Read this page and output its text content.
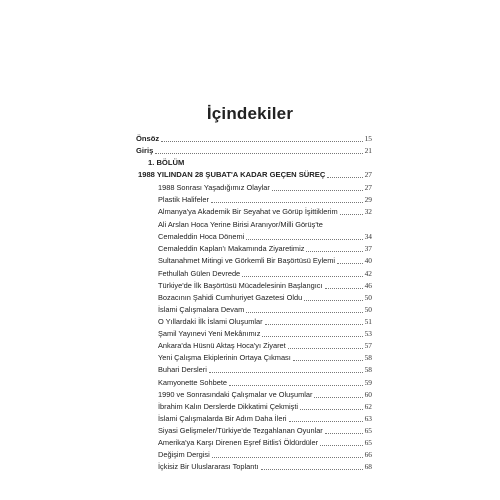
İçindekiler
Önsöz	15
Giriş	21
1. BÖLÜM
1988 YILINDAN 28 ŞUBAT'A KADAR GEÇEN SÜREÇ	27
1988 Sonrası Yaşadığımız Olaylar	27
Plastik Halifeler	29
Almanya'ya Akademik Bir Seyahat ve Görüp İşittiklerim	32
Ali Arslan Hoca Yerine Birisi Aranıyor/Milli Görüş'te
Cemaleddin Hoca Dönemi	34
Cemaleddin Kaplan'ı Makamında Ziyaretimiz	37
Sultanahmet Mitingi ve Görkemli Bir Başörtüsü Eylemi	40
Fethullah Gülen Devrede	42
Türkiye'de İlk Başörtüsü Mücadelesinin Başlangıcı	46
Bozacının Şahidi Cumhuriyet Gazetesi Oldu	50
İslami Çalışmalara Devam	50
O Yıllardaki İlk İslami Oluşumlar	51
Şamil Yayınevi Yeni Mekânımız	53
Ankara'da Hüsnü Aktaş Hoca'yı Ziyaret	57
Yeni Çalışma Ekiplerinin Ortaya Çıkması	58
Buhari Dersleri	58
Kamyonette Sohbete	59
1990 ve Sonrasındaki Çalışmalar ve Oluşumlar	60
İbrahim Kalın Derslerde Dikkatimi Çekmişti	62
İslami Çalışmalarda Bir Adım Daha İleri	63
Siyasi Gelişmeler/Türkiye'de Tezgahlanan Oyunlar	65
Amerika'ya Karşı Direnen Eşref Bitlis'i Öldürdüler	65
Değişim Dergisi	66
İçkisiz Bir Uluslararası Toplantı	68
